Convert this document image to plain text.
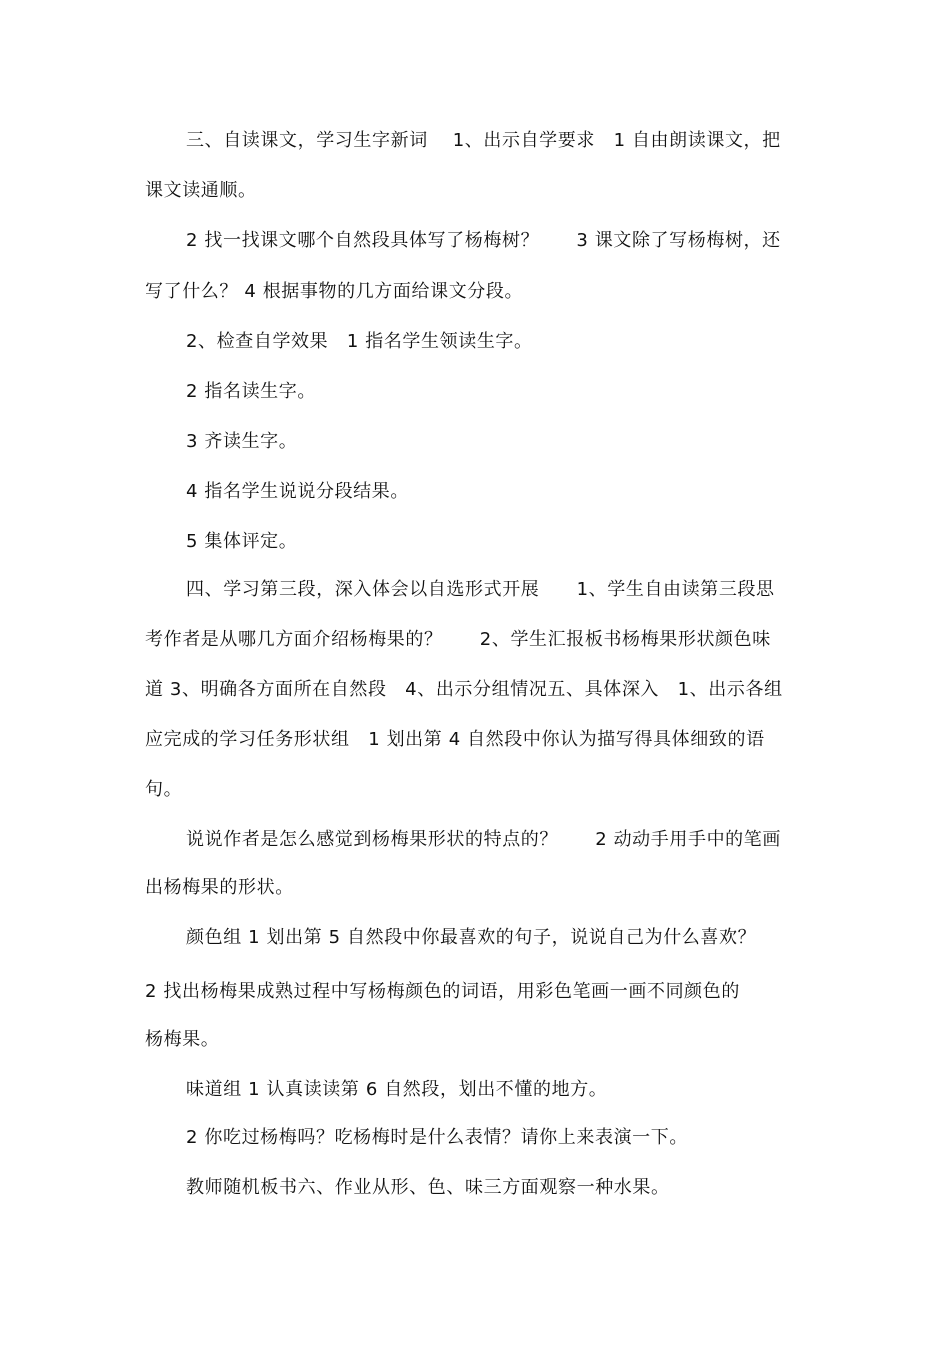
三、自读课文，学习生字新词　 1、出示自学要求　1 自由朗读课文，把
课文读通顺。
2 找一找课文哪个自然段具体写了杨梅树？　　3 课文除了写杨梅树，还
写了什么？ 4 根据事物的几方面给课文分段。
2、检查自学效果　1 指名学生领读生字。
2 指名读生字。
3 齐读生字。
4 指名学生说说分段结果。
5 集体评定。
四、学习第三段，深入体会以自选形式开展　　1、学生自由读第三段思
考作者是从哪几方面介绍杨梅果的？　　2、学生汇报板书杨梅果形状颜色味
道 3、明确各方面所在自然段　4、出示分组情况五、具体深入　1、出示各组
应完成的学习任务形状组　1 划出第 4 自然段中你认为描写得具体细致的语
句。
说说作者是怎么感觉到杨梅果形状的特点的？　　2 动动手用手中的笔画
出杨梅果的形状。
颜色组 1 划出第 5 自然段中你最喜欢的句子，说说自己为什么喜欢？
2 找出杨梅果成熟过程中写杨梅颜色的词语，用彩色笔画一画不同颜色的
杨梅果。
味道组 1 认真读读第 6 自然段，划出不懂的地方。
2 你吃过杨梅吗？吃杨梅时是什么表情？请你上来表演一下。
教师随机板书六、作业从形、色、味三方面观察一种水果。
